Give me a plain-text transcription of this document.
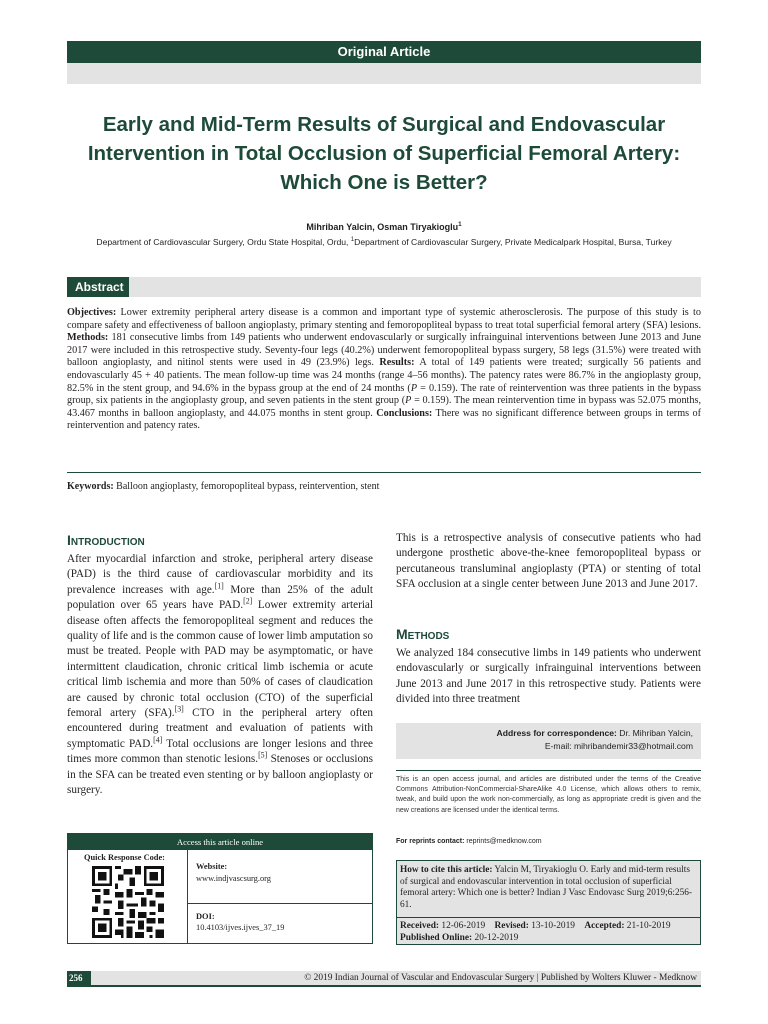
Original Article
Early and Mid-Term Results of Surgical and Endovascular
Intervention in Total Occlusion of Superficial Femoral Artery:
Which One is Better?
Mihriban Yalcin, Osman Tiryakioglu$^1$
Department of Cardiovascular Surgery, Ordu State Hospital, Ordu, $^1$Department of Cardiovascular Surgery, Private Medicalpark Hospital, Bursa, Turkey
Abstract
Objectives: Lower extremity peripheral artery disease is a common and important type of systemic atherosclerosis. The purpose of this study is to compare safety and effectiveness of balloon angioplasty, primary stenting and femoropopliteal bypass to treat total superficial femoral artery (SFA) lesions. Methods: 181 consecutive limbs from 149 patients who underwent endovascularly or surgically infrainguinal interventions between June 2013 and June 2017 were included in this retrospective study. Seventy-four legs (40.2%) underwent femoropopliteal bypass surgery, 58 legs (31.5%) were treated with balloon angioplasty, and nitinol stents were used in 49 (23.9%) legs. Results: A total of 149 patients were treated; surgically 56 patients and endovascularly 45 + 40 patients. The mean follow-up time was 24 months (range 4–56 months). The patency rates were 86.7% in the angioplasty group, 82.5% in the stent group, and 94.6% in the bypass group at the end of 24 months (P = 0.159). The rate of reintervention was three patients in the bypass group, six patients in the angioplasty group, and seven patients in the stent group (P = 0.159). The mean reintervention time in bypass was 52.075 months, 43.467 months in balloon angioplasty, and 44.075 months in stent group. Conclusions: There was no significant difference between groups in terms of reintervention and patency rates.
Keywords: Balloon angioplasty, femoropopliteal bypass, reintervention, stent
Introduction
After myocardial infarction and stroke, peripheral artery disease (PAD) is the third cause of cardiovascular morbidity and its prevalence increases with age.[1] More than 25% of the adult population over 65 years have PAD.[2] Lower extremity arterial disease often affects the femoropopliteal segment and reduces the quality of life and is the common cause of lower limb amputation so must be treated. People with PAD may be asymptomatic, or have intermittent claudication, chronic critical limb ischemia or acute critical limb ischemia and more than 50% of cases of claudication are caused by chronic total occlusion (CTO) of the superficial femoral artery (SFA).[3] CTO in the peripheral artery often encountered during treatment and evaluation of patients with symptomatic PAD.[4] Total occlusions are longer lesions and three times more common than stenotic lesions.[5] Stenoses or occlusions in the SFA can be treated even stenting or by balloon angioplasty or surgery.
This is a retrospective analysis of consecutive patients who had undergone prosthetic above-the-knee femoropopliteal bypass or percutaneous transluminal angioplasty (PTA) or stenting of total SFA occlusion at a single center between June 2013 and June 2017.
Methods
We analyzed 184 consecutive limbs in 149 patients who underwent endovascularly or surgically infrainguinal interventions between June 2013 and June 2017 in this retrospective study. Patients were divided into three treatment
Address for correspondence: Dr. Mihriban Yalcin,
E-mail: mihribandemir33@hotmail.com
This is an open access journal, and articles are distributed under the terms of the Creative Commons Attribution-NonCommercial-ShareAlike 4.0 License, which allows others to remix, tweak, and build upon the work non-commercially, as long as appropriate credit is given and the new creations are licensed under the identical terms.
For reprints contact: reprints@medknow.com
How to cite this article: Yalcin M, Tiryakioglu O. Early and mid-term results of surgical and endovascular intervention in total occlusion of superficial femoral artery: Which one is better? Indian J Vasc Endovasc Surg 2019;6:256-61.
Received: 12-06-2019 Revised: 13-10-2019 Accepted: 21-10-2019
Published Online: 20-12-2019
Access this article online
Quick Response Code:
Website:
www.indjvascsurg.org
DOI:
10.4103/ijves.ijves_37_19
256	© 2019 Indian Journal of Vascular and Endovascular Surgery | Published by Wolters Kluwer - Medknow
